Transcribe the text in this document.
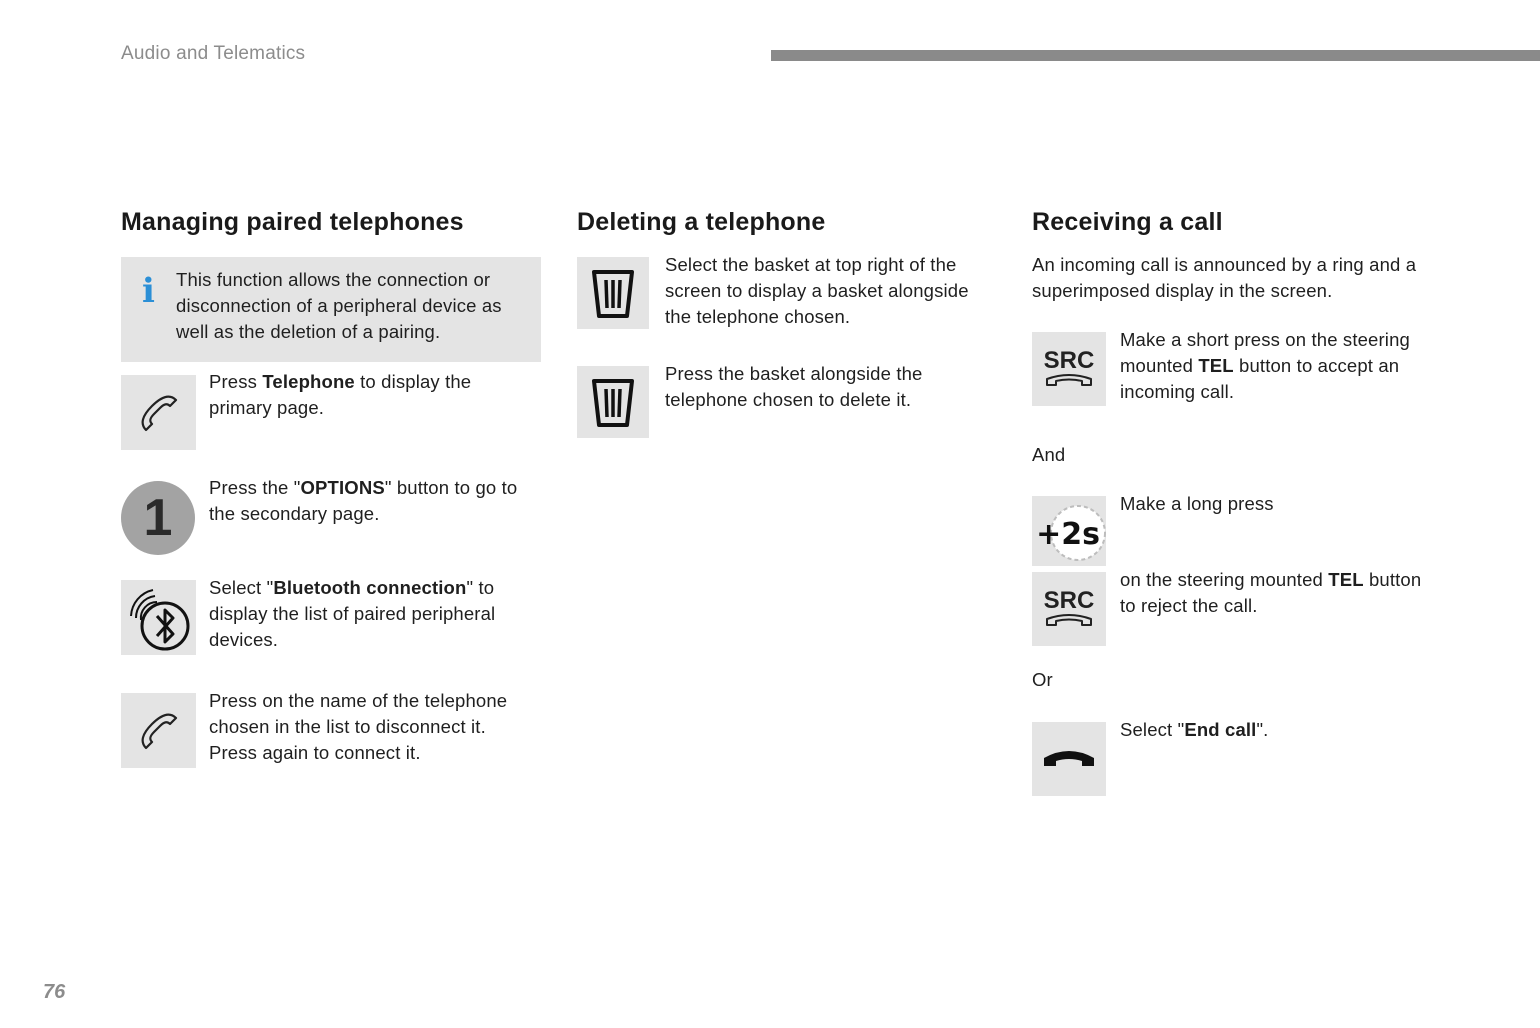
Audio and Telematics
Managing paired telephones
i This function allows the connection or
disconnection of a peripheral device as
well as the deletion of a pairing.
Press Telephone to display the
primary page.
1
Press the "OPTIONS" button to go to
the secondary page.
Select "Bluetooth connection" to
display the list of paired peripheral
devices.
Press on the name of the telephone
chosen in the list to disconnect it.
Press again to connect it.
Deleting a telephone
Select the basket at top right of the
screen to display a basket alongside
the telephone chosen.
Press the basket alongside the
telephone chosen to delete it.
Receiving a call
An incoming call is announced by a ring and a
superimposed display in the screen.
SRC
Make a short press on the steering
mounted TEL button to accept an
incoming call.
And
+2s
Make a long press
SRC
on the steering mounted TEL button
to reject the call.
Or
Select "End call".
76
